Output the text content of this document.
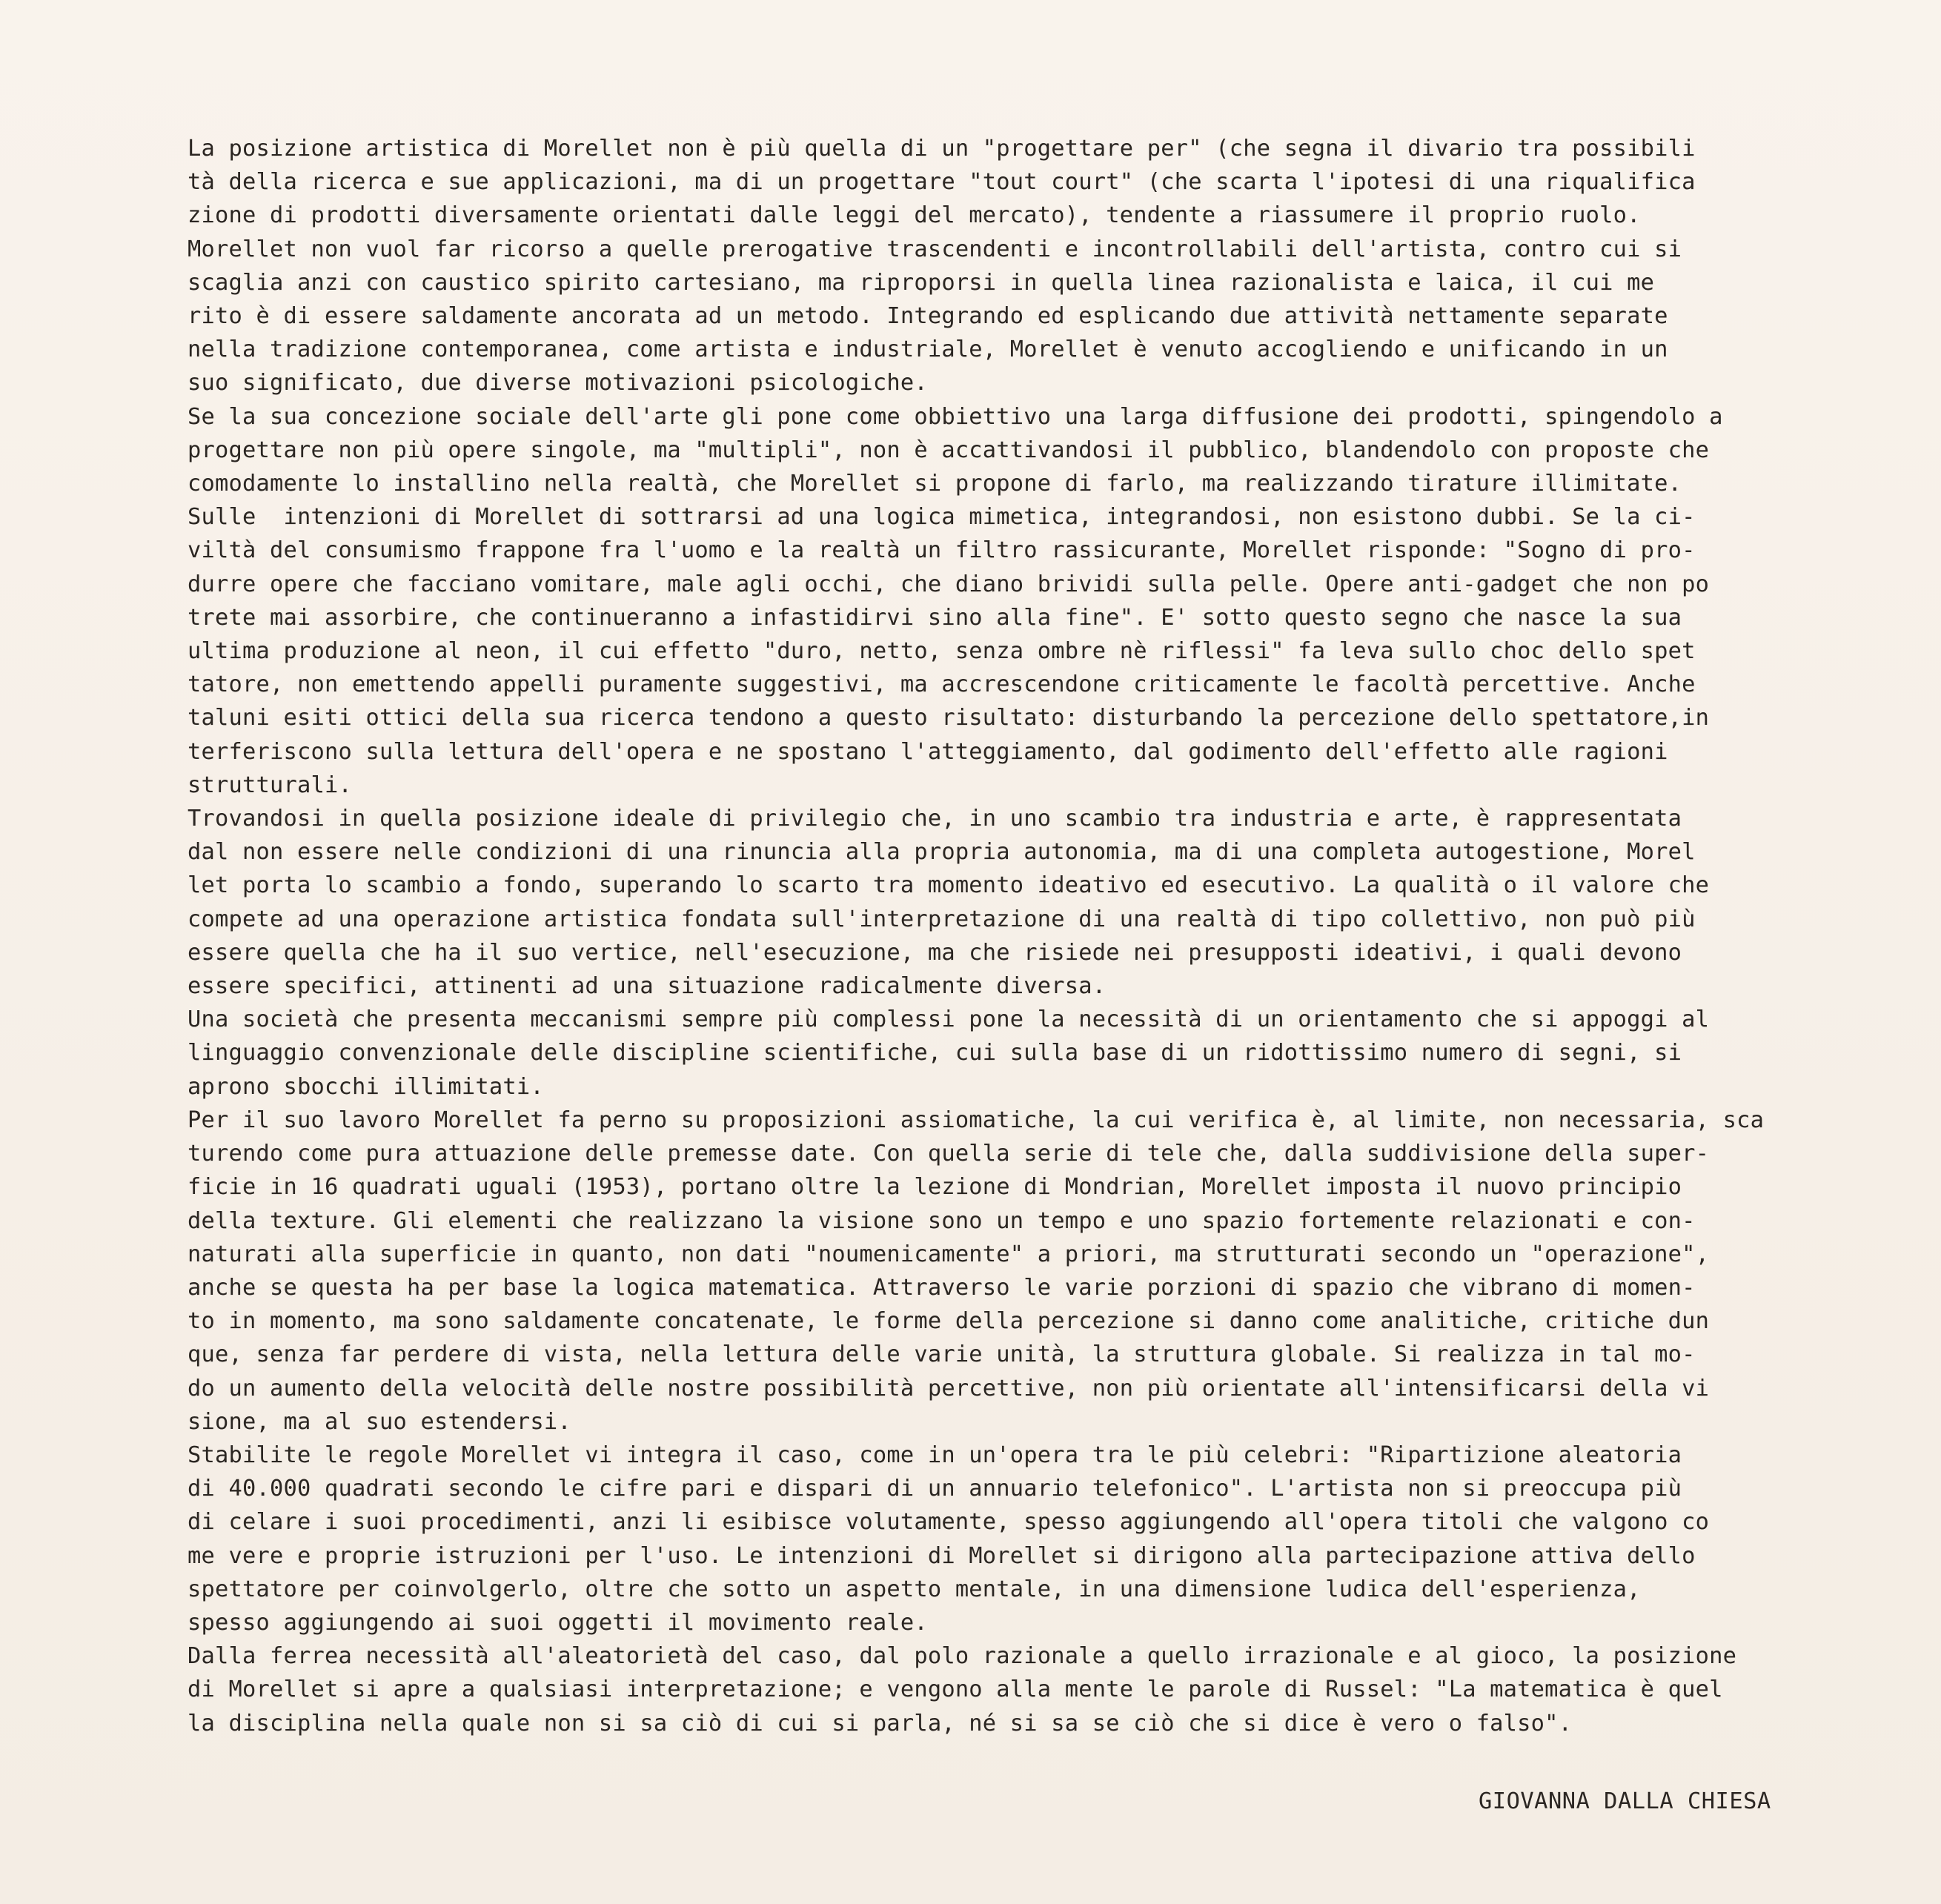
La posizione artistica di Morellet non è più quella di un "progettare per" (che segna il divario tra possibili
tà della ricerca e sue applicazioni, ma di un progettare "tout court" (che scarta l'ipotesi di una riqualifica
zione di prodotti diversamente orientati dalle leggi del mercato), tendente a riassumere il proprio ruolo.
Morellet non vuol far ricorso a quelle prerogative trascendenti e incontrollabili dell'artista, contro cui si
scaglia anzi con caustico spirito cartesiano, ma riproporsi in quella linea razionalista e laica, il cui me
rito è di essere saldamente ancorata ad un metodo. Integrando ed esplicando due attività nettamente separate
nella tradizione contemporanea, come artista e industriale, Morellet è venuto accogliendo e unificando in un
suo significato, due diverse motivazioni psicologiche.
Se la sua concezione sociale dell'arte gli pone come obbiettivo una larga diffusione dei prodotti, spingendolo a
progettare non più opere singole, ma "multipli", non è accattivandosi il pubblico, blandendolo con proposte che
comodamente lo installino nella realtà, che Morellet si propone di farlo, ma realizzando tirature illimitate.
Sulle  intenzioni di Morellet di sottrarsi ad una logica mimetica, integrandosi, non esistono dubbi. Se la ci-
viltà del consumismo frappone fra l'uomo e la realtà un filtro rassicurante, Morellet risponde: "Sogno di pro-
durre opere che facciano vomitare, male agli occhi, che diano brividi sulla pelle. Opere anti-gadget che non po
trete mai assorbire, che continueranno a infastidirvi sino alla fine". E' sotto questo segno che nasce la sua
ultima produzione al neon, il cui effetto "duro, netto, senza ombre nè riflessi" fa leva sullo choc dello spet
tatore, non emettendo appelli puramente suggestivi, ma accrescendone criticamente le facoltà percettive. Anche
taluni esiti ottici della sua ricerca tendono a questo risultato: disturbando la percezione dello spettatore,in
terferiscono sulla lettura dell'opera e ne spostano l'atteggiamento, dal godimento dell'effetto alle ragioni
strutturali.
Trovandosi in quella posizione ideale di privilegio che, in uno scambio tra industria e arte, è rappresentata
dal non essere nelle condizioni di una rinuncia alla propria autonomia, ma di una completa autogestione, Morel
let porta lo scambio a fondo, superando lo scarto tra momento ideativo ed esecutivo. La qualità o il valore che
compete ad una operazione artistica fondata sull'interpretazione di una realtà di tipo collettivo, non può più
essere quella che ha il suo vertice, nell'esecuzione, ma che risiede nei presupposti ideativi, i quali devono
essere specifici, attinenti ad una situazione radicalmente diversa.
Una società che presenta meccanismi sempre più complessi pone la necessità di un orientamento che si appoggi al
linguaggio convenzionale delle discipline scientifiche, cui sulla base di un ridottissimo numero di segni, si
aprono sbocchi illimitati.
Per il suo lavoro Morellet fa perno su proposizioni assiomatiche, la cui verifica è, al limite, non necessaria, sca
turendo come pura attuazione delle premesse date. Con quella serie di tele che, dalla suddivisione della super-
ficie in 16 quadrati uguali (1953), portano oltre la lezione di Mondrian, Morellet imposta il nuovo principio
della texture. Gli elementi che realizzano la visione sono un tempo e uno spazio fortemente relazionati e con-
naturati alla superficie in quanto, non dati "noumenicamente" a priori, ma strutturati secondo un "operazione",
anche se questa ha per base la logica matematica. Attraverso le varie porzioni di spazio che vibrano di momen-
to in momento, ma sono saldamente concatenate, le forme della percezione si danno come analitiche, critiche dun
que, senza far perdere di vista, nella lettura delle varie unità, la struttura globale. Si realizza in tal mo-
do un aumento della velocità delle nostre possibilità percettive, non più orientate all'intensificarsi della vi
sione, ma al suo estendersi.
Stabilite le regole Morellet vi integra il caso, come in un'opera tra le più celebri: "Ripartizione aleatoria
di 40.000 quadrati secondo le cifre pari e dispari di un annuario telefonico". L'artista non si preoccupa più
di celare i suoi procedimenti, anzi li esibisce volutamente, spesso aggiungendo all'opera titoli che valgono co
me vere e proprie istruzioni per l'uso. Le intenzioni di Morellet si dirigono alla partecipazione attiva dello
spettatore per coinvolgerlo, oltre che sotto un aspetto mentale, in una dimensione ludica dell'esperienza,
spesso aggiungendo ai suoi oggetti il movimento reale.
Dalla ferrea necessità all'aleatorietà del caso, dal polo razionale a quello irrazionale e al gioco, la posizione
di Morellet si apre a qualsiasi interpretazione; e vengono alla mente le parole di Russel: "La matematica è quel
la disciplina nella quale non si sa ciò di cui si parla, né si sa se ciò che si dice è vero o falso".
GIOVANNA DALLA CHIESA
